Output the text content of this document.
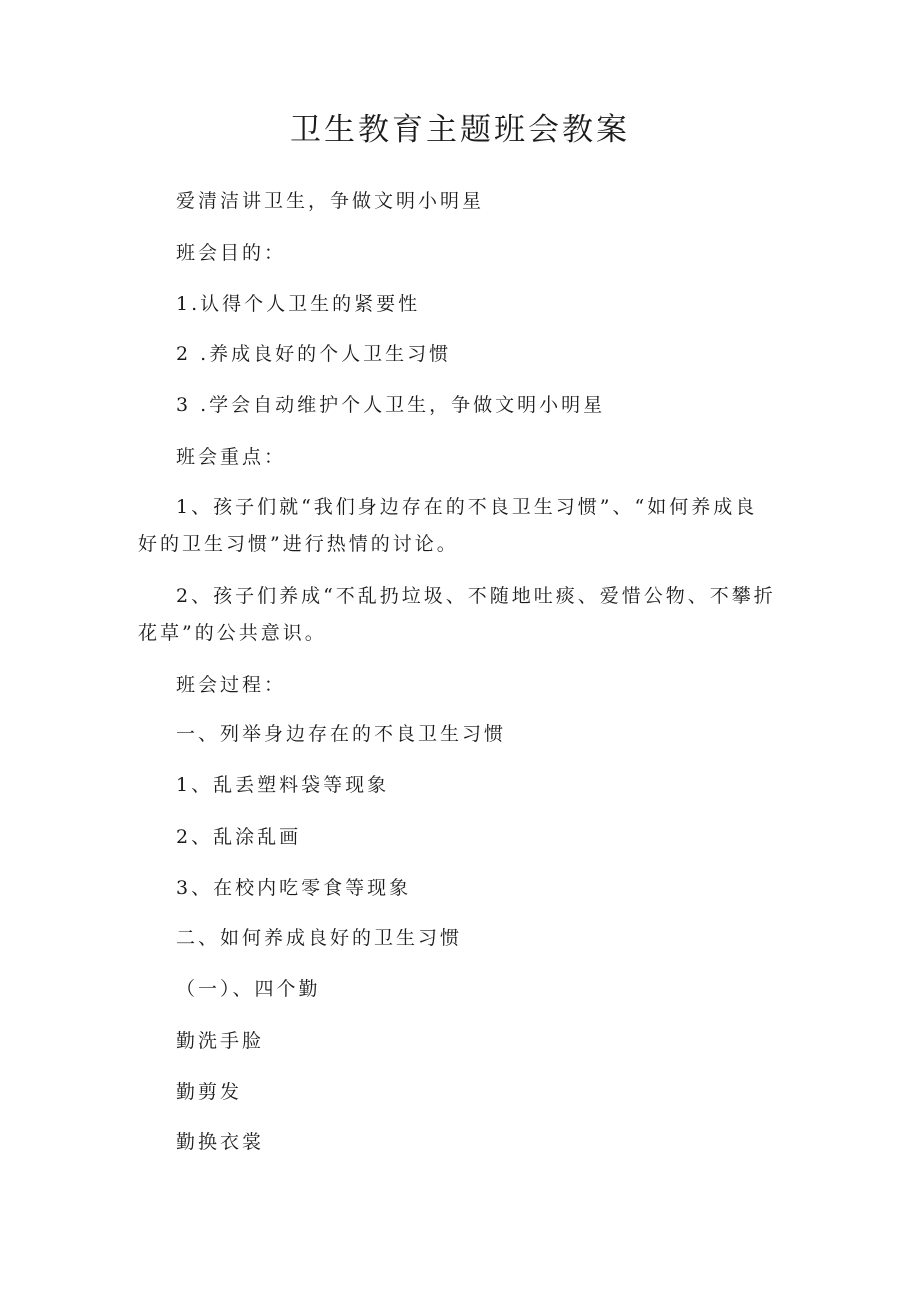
卫生教育主题班会教案
爱清洁讲卫生，争做文明小明星
班会目的：
1.认得个人卫生的紧要性
2 .养成良好的个人卫生习惯
3 .学会自动维护个人卫生，争做文明小明星
班会重点：
1、孩子们就“我们身边存在的不良卫生习惯”、“如何养成良好的卫生习惯”进行热情的讨论。
2、孩子们养成“不乱扔垃圾、不随地吐痰、爱惜公物、不攀折花草”的公共意识。
班会过程：
一、列举身边存在的不良卫生习惯
1、乱丢塑料袋等现象
2、乱涂乱画
3、在校内吃零食等现象
二、如何养成良好的卫生习惯
（一）、四个勤
勤洗手脸
勤剪发
勤换衣裳
